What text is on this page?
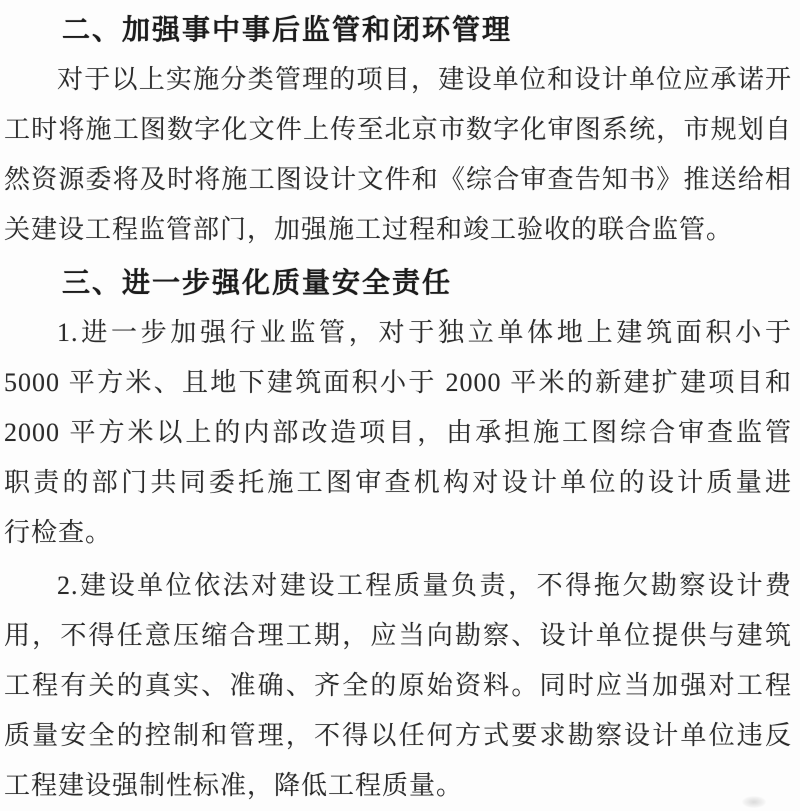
二、加强事中事后监管和闭环管理
对于以上实施分类管理的项目，建设单位和设计单位应承诺开
工时将施工图数字化文件上传至北京市数字化审图系统，市规划自
然资源委将及时将施工图设计文件和《综合审查告知书》推送给相
关建设工程监管部门，加强施工过程和竣工验收的联合监管。
三、进一步强化质量安全责任
1.进一步加强行业监管，对于独立单体地上建筑面积小于
5000 平方米、且地下建筑面积小于 2000 平米的新建扩建项目和
2000 平方米以上的内部改造项目，由承担施工图综合审查监管
职责的部门共同委托施工图审查机构对设计单位的设计质量进
行检查。
2.建设单位依法对建设工程质量负责，不得拖欠勘察设计费
用，不得任意压缩合理工期，应当向勘察、设计单位提供与建筑
工程有关的真实、准确、齐全的原始资料。同时应当加强对工程
质量安全的控制和管理，不得以任何方式要求勘察设计单位违反
工程建设强制性标准，降低工程质量。
